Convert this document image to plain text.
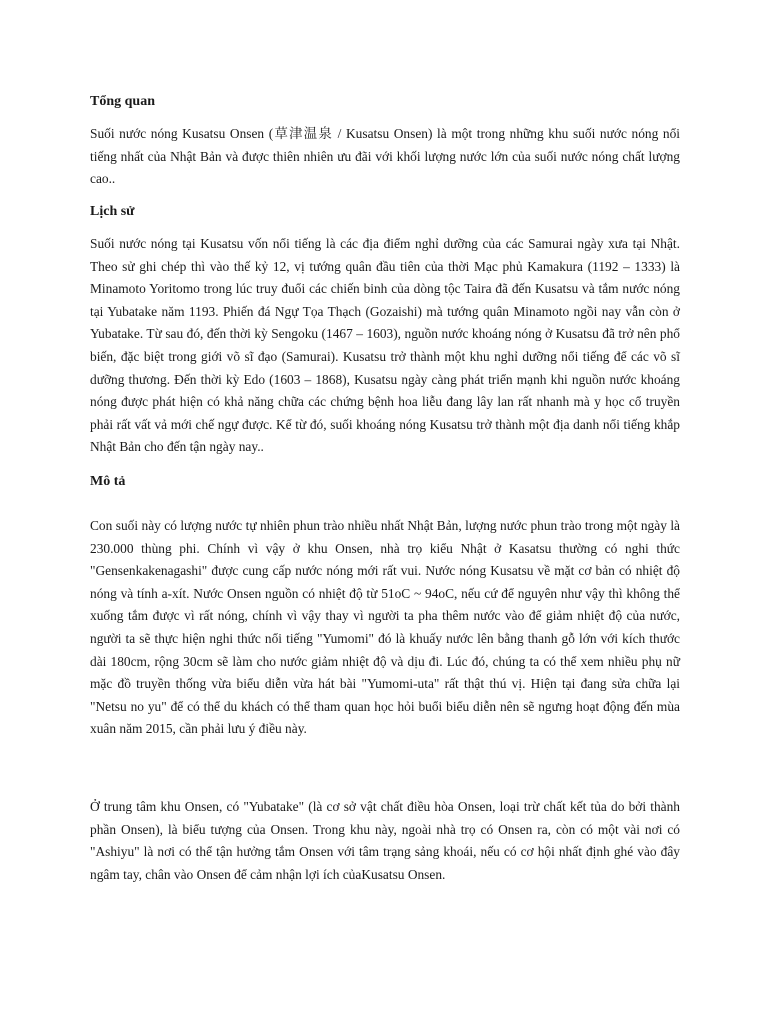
Tổng quan

Suối nước nóng Kusatsu Onsen (草津温泉 / Kusatsu Onsen) là một trong những khu suối nước nóng nổi tiếng nhất của Nhật Bản và được thiên nhiên ưu đãi với khối lượng nước lớn của suối nước nóng chất lượng cao..

Lịch sử

Suối nước nóng tại Kusatsu vốn nổi tiếng là các địa điểm nghỉ dưỡng của các Samurai ngày xưa tại Nhật. Theo sử ghi chép thì vào thế kỷ 12, vị tướng quân đầu tiên của thời Mạc phủ Kamakura (1192 – 1333) là Minamoto Yoritomo trong lúc truy đuổi các chiến binh của dòng tộc Taira đã đến Kusatsu và tắm nước nóng tại Yubatake năm 1193. Phiến đá Ngự Tọa Thạch (Gozaishi) mà tướng quân Minamoto ngồi nay vẫn còn ở Yubatake. Từ sau đó, đến thời kỳ Sengoku (1467 – 1603), nguồn nước khoáng nóng ở Kusatsu đã trở nên phổ biến, đặc biệt trong giới võ sĩ đạo (Samurai). Kusatsu trở thành một khu nghỉ dưỡng nổi tiếng để các võ sĩ dưỡng thương. Đến thời kỳ Edo (1603 – 1868), Kusatsu ngày càng phát triển mạnh khi nguồn nước khoáng nóng được phát hiện có khả năng chữa các chứng bệnh hoa liễu đang lây lan rất nhanh mà y học cổ truyền phải rất vất vả mới chế ngự được. Kể từ đó, suối khoáng nóng Kusatsu trở thành một địa danh nổi tiếng khắp Nhật Bản cho đến tận ngày nay..

Mô tả

Con suối này có lượng nước tự nhiên phun trào nhiều nhất Nhật Bản, lượng nước phun trào trong một ngày là 230.000 thùng phi. Chính vì vậy ở khu Onsen, nhà trọ kiểu Nhật ở Kasatsu thường có nghi thức "Gensenkakenagashi" được cung cấp nước nóng mới rất vui. Nước nóng Kusatsu về mặt cơ bản có nhiệt độ nóng và tính a-xít. Nước Onsen nguồn có nhiệt độ từ 51oC ~ 94oC, nếu cứ để nguyên như vậy thì không thể xuống tắm được vì rất nóng, chính vì vậy thay vì người ta pha thêm nước vào để giảm nhiệt độ của nước, người ta sẽ thực hiện nghi thức nổi tiếng "Yumomi" đó là khuấy nước lên bằng thanh gỗ lớn với kích thước dài 180cm, rộng 30cm sẽ làm cho nước giảm nhiệt độ và dịu đi. Lúc đó, chúng ta có thể xem nhiều phụ nữ mặc đồ truyền thống vừa biểu diễn vừa hát bài "Yumomi-uta" rất thật thú vị. Hiện tại đang sửa chữa lại "Netsu no yu" để có thể du khách có thể tham quan học hỏi buổi biểu diễn nên sẽ ngưng hoạt động đến mùa xuân năm 2015, cần phải lưu ý điều này.

Ở trung tâm khu Onsen, có "Yubatake" (là cơ sở vật chất điều hòa Onsen, loại trừ chất kết tủa do bởi thành phần Onsen), là biểu tượng của Onsen. Trong khu này, ngoài nhà trọ có Onsen ra, còn có một vài nơi có "Ashiyu" là nơi có thể tận hưởng tắm Onsen với tâm trạng sảng khoái, nếu có cơ hội nhất định ghé vào đây ngâm tay, chân vào Onsen để cảm nhận lợi ích củaKusatsu Onsen.
